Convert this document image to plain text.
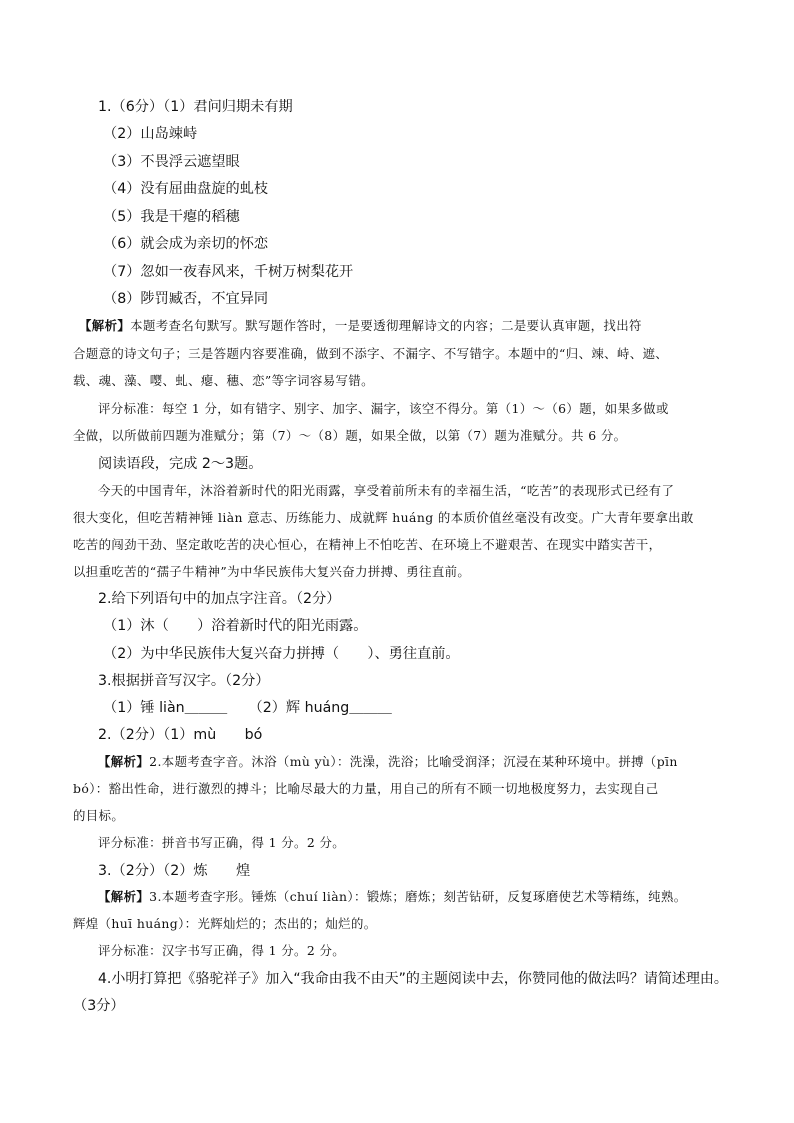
1.（6分）（1）君问归期未有期
（2）山岛竦峙
（3）不畏浮云遮望眼
（4）没有屈曲盘旋的虬枝
（5）我是干瘪的稻穗
（6）就会成为亲切的怀恋
（7）忽如一夜春风来，千树万树梨花开
（8）陟罚臧否，不宜异同
【解析】本题考查名句默写。默写题作答时，一是要透彻理解诗文的内容；二是要认真审题，找出符
合题意的诗文句子；三是答题内容要准确，做到不添字、不漏字、不写错字。本题中的“归、竦、峙、遮、
载、魂、藻、嘤、虬、瘪、穗、恋”等字词容易写错。
评分标准：每空 1 分，如有错字、别字、加字、漏字，该空不得分。第（1）～（6）题，如果多做或
全做，以所做前四题为准赋分；第（7）～（8）题，如果全做，以第（7）题为准赋分。共 6 分。
阅读语段，完成 2～3题。
今天的中国青年，沐浴着新时代的阳光雨露，享受着前所未有的幸福生活，“吃苦”的表现形式已经有了
很大变化，但吃苦精神锤 liàn 意志、历练能力、成就辉 huáng 的本质价值丝毫没有改变。广大青年要拿出敢
吃苦的闯劲干劲、坚定敢吃苦的决心恒心，在精神上不怕吃苦、在环境上不避艰苦、在现实中踏实苦干，
以担重吃苦的“孺子牛精神”为中华民族伟大复兴奋力拼搏、勇往直前。
2.给下列语句中的加点字注音。（2分）
（1）沐（　　）浴着新时代的阳光雨露。
（2）为中华民族伟大复兴奋力拼搏（　　）、勇往直前。
3.根据拼音写汉字。（2分）
（1）锤 liàn＿＿＿　　（2）辉 huáng＿＿＿
2.（2分）（1）mù　　bó
【解析】2.本题考查字音。沐浴（mù yù）：洗澡，洗浴；比喻受润泽；沉浸在某种环境中。拼搏（pīn
bó）：豁出性命，进行激烈的搏斗；比喻尽最大的力量，用自己的所有不顾一切地极度努力，去实现自己
的目标。
评分标准：拼音书写正确，得 1 分。2 分。
3.（2分）（2）炼　　煌
【解析】3.本题考查字形。锤炼（chuí liàn）：锻炼；磨炼；刻苦钻研，反复琢磨使艺术等精练，纯熟。
辉煌（huī huáng）：光辉灿烂的；杰出的；灿烂的。
评分标准：汉字书写正确，得 1 分。2 分。
4.小明打算把《骆驼祥子》加入“我命由我不由天”的主题阅读中去，你赞同他的做法吗？请简述理由。
（3分）
